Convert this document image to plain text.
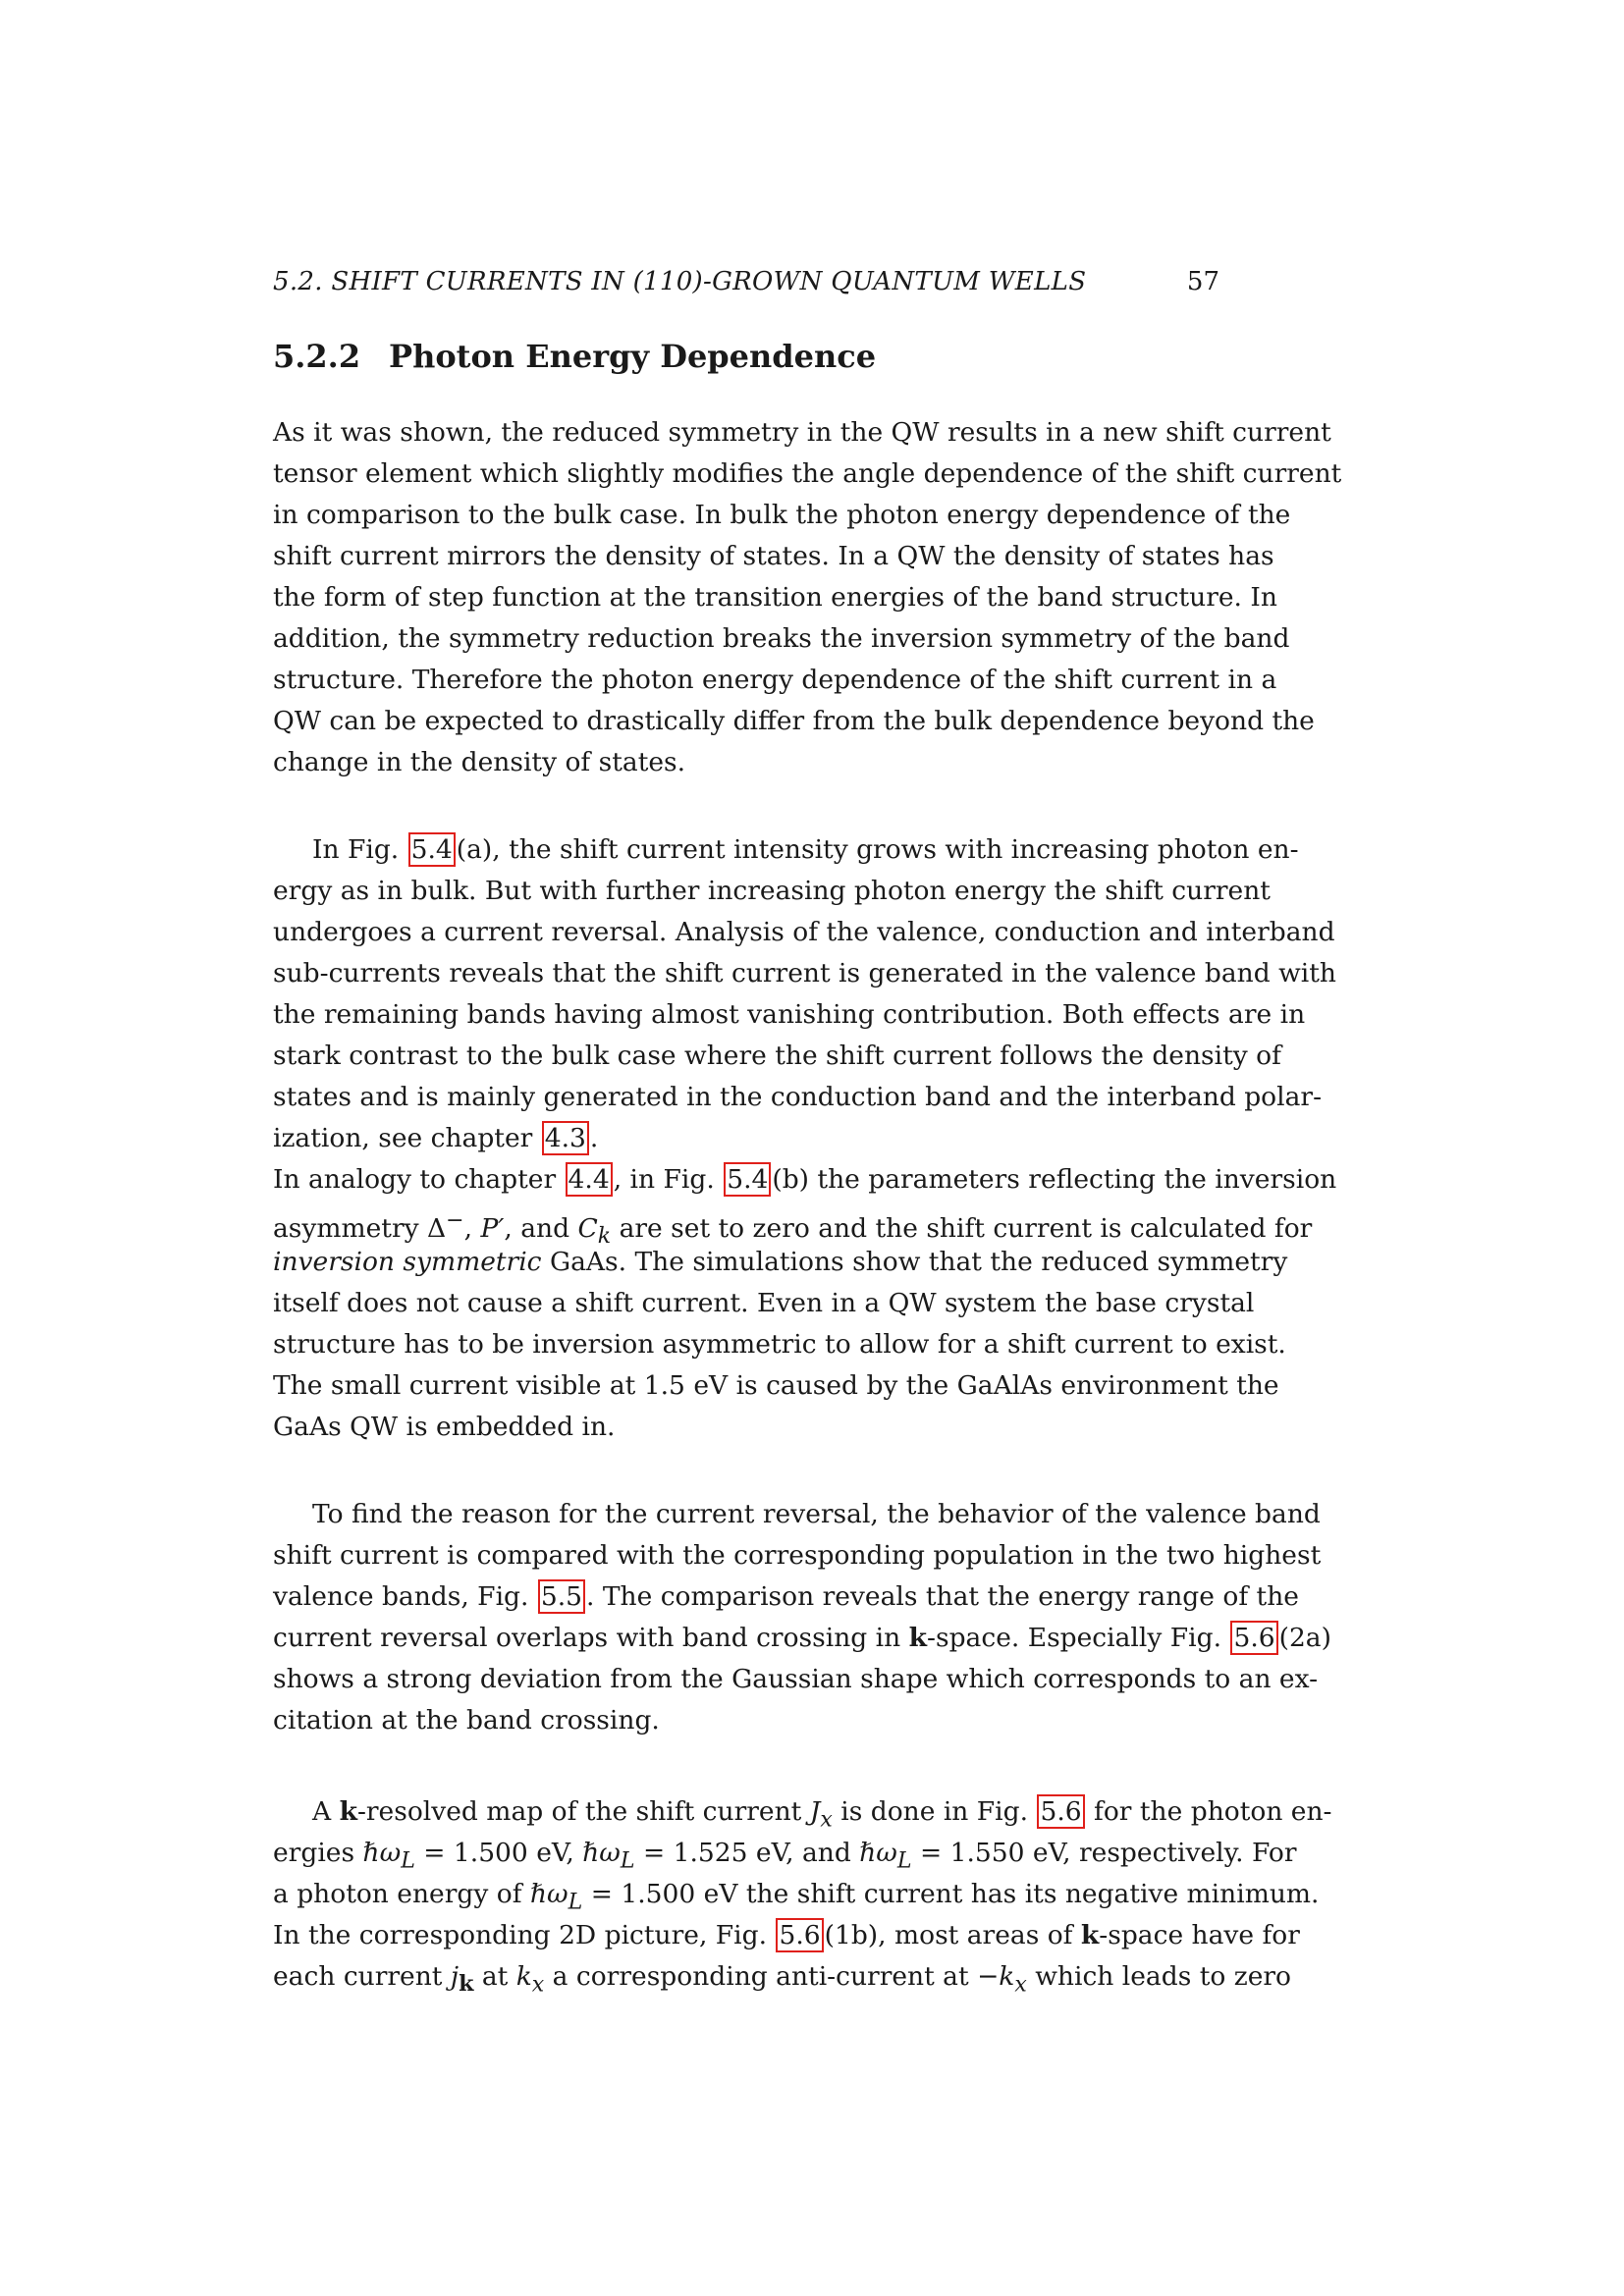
5.2. SHIFT CURRENTS IN (110)-GROWN QUANTUM WELLS	57
5.2.2 Photon Energy Dependence
As it was shown, the reduced symmetry in the QW results in a new shift current
tensor element which slightly modifies the angle dependence of the shift current
in comparison to the bulk case. In bulk the photon energy dependence of the
shift current mirrors the density of states. In a QW the density of states has
the form of step function at the transition energies of the band structure. In
addition, the symmetry reduction breaks the inversion symmetry of the band
structure. Therefore the photon energy dependence of the shift current in a
QW can be expected to drastically differ from the bulk dependence beyond the
change in the density of states.
In Fig. 5.4 (a), the shift current intensity grows with increasing photon en-
ergy as in bulk. But with further increasing photon energy the shift current
undergoes a current reversal. Analysis of the valence, conduction and interband
sub-currents reveals that the shift current is generated in the valence band with
the remaining bands having almost vanishing contribution. Both effects are in
stark contrast to the bulk case where the shift current follows the density of
states and is mainly generated in the conduction band and the interband polar-
ization, see chapter 4.3 .
In analogy to chapter 4.4 , in Fig. 5.4 (b) the parameters reflecting the inversion
asymmetry Δ−, P′, and $C_k$ are set to zero and the shift current is calculated for
inversion symmetric GaAs. The simulations show that the reduced symmetry
itself does not cause a shift current. Even in a QW system the base crystal
structure has to be inversion asymmetric to allow for a shift current to exist.
The small current visible at 1.5 eV is caused by the GaAlAs environment the
GaAs QW is embedded in.
To find the reason for the current reversal, the behavior of the valence band
shift current is compared with the corresponding population in the two highest
valence bands, Fig. 5.5 . The comparison reveals that the energy range of the
current reversal overlaps with band crossing in k-space. Especially Fig. 5.6 (2a)
shows a strong deviation from the Gaussian shape which corresponds to an ex-
citation at the band crossing.
A k-resolved map of the shift current $J_x$ is done in Fig. 5.6 for the photon en-
ergies ℏω$_L$ = 1.500 eV, ℏω$_L$ = 1.525 eV, and ℏω$_L$ = 1.550 eV, respectively. For
a photon energy of ℏω$_L$ = 1.500 eV the shift current has its negative minimum.
In the corresponding 2D picture, Fig. 5.6 (1b), most areas of k-space have for
each current $j_k$ at $k_x$ a corresponding anti-current at $-k_x$ which leads to zero
